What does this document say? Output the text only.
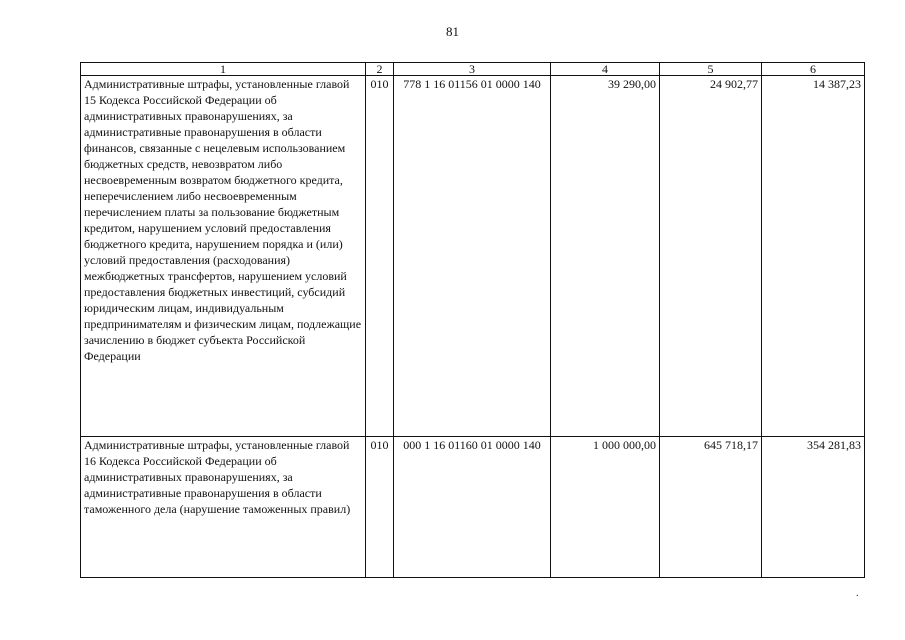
81
1	2	3	4	5	6
Административные штрафы, установленные главой 15 Кодекса Российской Федерации об административных правонарушениях, за административные правонарушения в области финансов, связанные с нецелевым использованием бюджетных средств, невозвратом либо несвоевременным возвратом бюджетного кредита, неперечислением либо несвоевременным перечислением платы за пользование бюджетным кредитом, нарушением условий предоставления бюджетного кредита, нарушением порядка и (или) условий предоставления (расходования) межбюджетных трансфертов, нарушением условий предоставления бюджетных инвестиций, субсидий юридическим лицам, индивидуальным предпринимателям и физическим лицам, подлежащие зачислению в бюджет субъекта Российской Федерации	010	778 1 16 01156 01 0000 140	39 290,00	24 902,77	14 387,23
Административные штрафы, установленные главой 16 Кодекса Российской Федерации об административных правонарушениях, за административные правонарушения в области таможенного дела (нарушение таможенных правил)	010	000 1 16 01160 01 0000 140	1 000 000,00	645 718,17	354 281,83
.
